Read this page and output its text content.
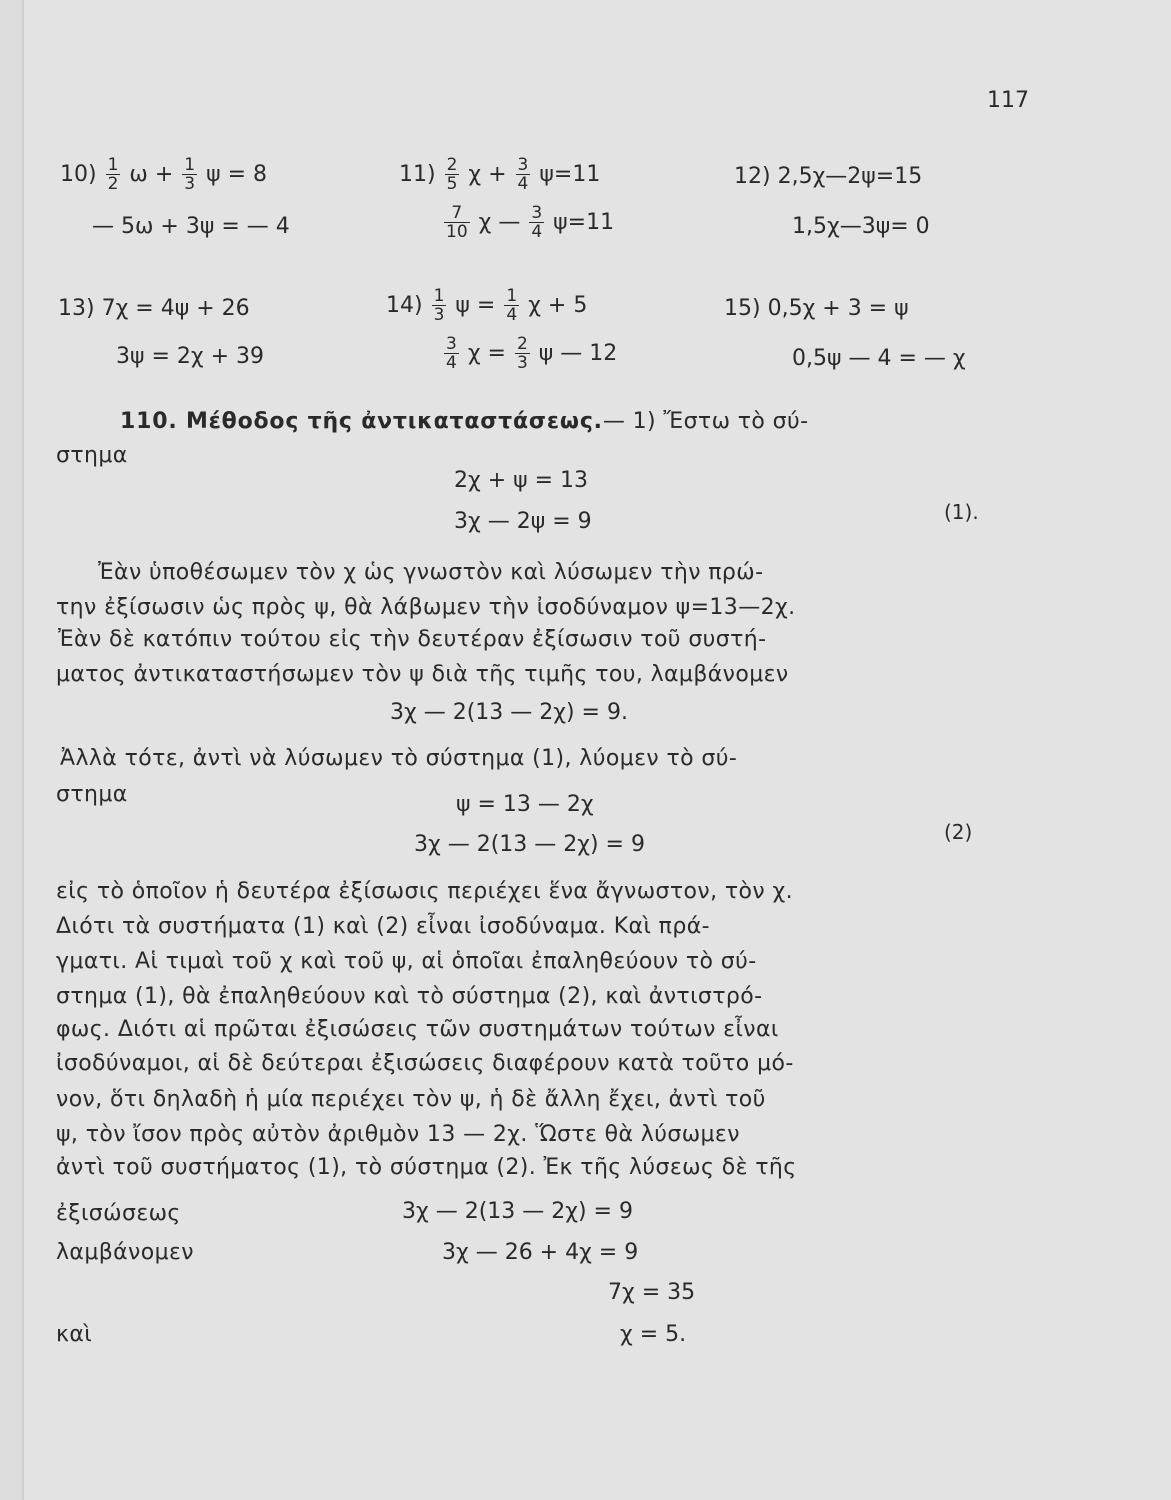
117
$10) \frac{1}{2}$ $\omega + \frac{1}{3}$ ψ = 8
— 5ω + 3ψ = — 4
$11) \frac{2}{5}$ $\chi + \frac{3}{4} \psi=11$
$\frac{7}{10}$ χ — $\frac{3}{4} \psi=11$
12) 2,5χ—2ψ=15
1,5χ—3ψ= 0
13) 7χ = 4ψ + 26
3ψ = 2χ + 39
$14) \frac{1}{3}$ $\psi = \frac{1}{4}$ χ + 5
$\frac{3}{4}$ $\chi = \frac{2}{3}$ ψ — 12
15) 0,5χ + 3 = ψ
0,5ψ — 4 = — χ
110. Μέθοδος τῆς ἀντικαταστάσεως.— 1) Ἔστω τὸ σύ-
στημα
2χ + ψ = 13
3χ — 2ψ = 9	(1).
Ἐὰν ὑποθέσωμεν τὸν χ ὡς γνωστὸν καὶ λύσωμεν τὴν πρώ-
την ἐξίσωσιν ὡς πρὸς ψ, θὰ λάβωμεν τὴν ἰσοδύναμον ψ=13—2χ.
Ἐὰν δὲ κατόπιν τούτου εἰς τὴν δευτέραν ἐξίσωσιν τοῦ συστή-
ματος ἀντικαταστήσωμεν τὸν ψ διὰ τῆς τιμῆς του, λαμβάνομεν
3χ — 2(13 — 2χ) = 9.
Ἀλλὰ τότε, ἀντὶ νὰ λύσωμεν τὸ σύστημα (1), λύομεν τὸ σύ-
στημα	ψ = 13 — 2χ
3χ — 2(13 — 2χ) = 9	(2)
εἰς τὸ ὁποῖον ἡ δευτέρα ἐξίσωσις περιέχει ἕνα ἄγνωστον, τὸν χ.
Διότι τὰ συστήματα (1) καὶ (2) εἶναι ἰσοδύναμα. Καὶ πρά-
γματι. Αἱ τιμαὶ τοῦ χ καὶ τοῦ ψ, αἱ ὁποῖαι ἐπαληθεύουν τὸ σύ-
στημα (1), θὰ ἐπαληθεύουν καὶ τὸ σύστημα (2), καὶ ἀντιστρό-
φως. Διότι αἱ πρῶται ἐξισώσεις τῶν συστημάτων τούτων εἶναι
ἰσοδύναμοι, αἱ δὲ δεύτεραι ἐξισώσεις διαφέρουν κατὰ τοῦτο μό-
νον, ὅτι δηλαδὴ ἡ μία περιέχει τὸν ψ, ἡ δὲ ἄλλη ἔχει, ἀντὶ τοῦ
ψ, τὸν ἴσον πρὸς αὐτὸν ἀριθμὸν 13 — 2χ. Ὥστε θὰ λύσωμεν
ἀντὶ τοῦ συστήματος (1), τὸ σύστημα (2). Ἐκ τῆς λύσεως δὲ τῆς
ἐξισώσεως	3χ — 2(13 — 2χ) = 9
λαμβάνομεν	3χ — 26 + 4χ = 9
7χ = 35
καὶ	χ = 5.
